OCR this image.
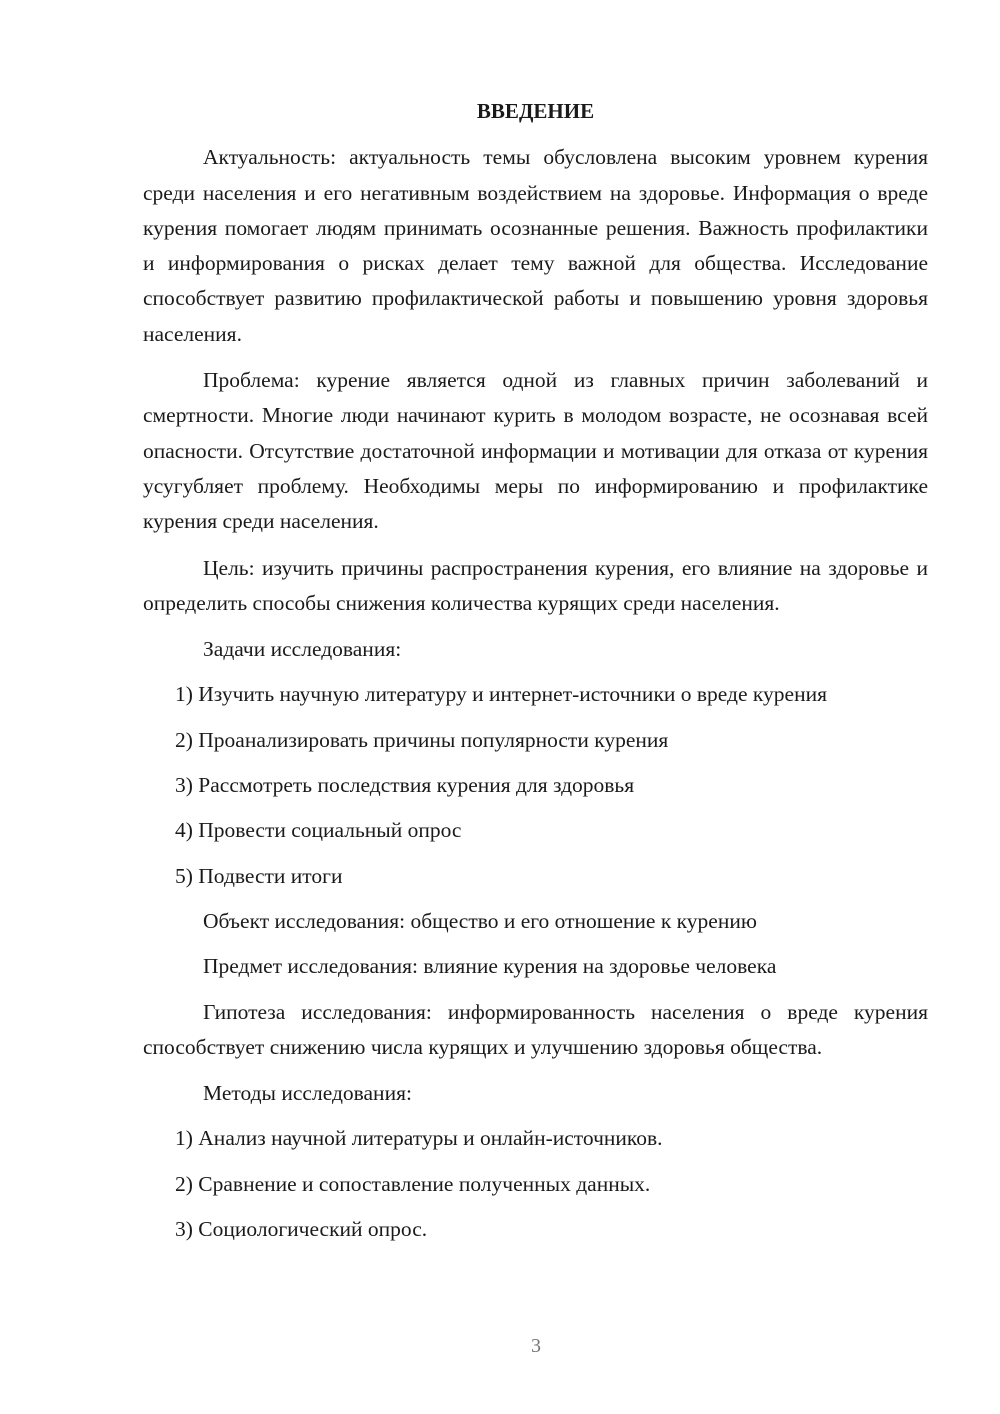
ВВЕДЕНИЕ

Актуальность: актуальность темы обусловлена высоким уровнем курения среди населения и его негативным воздействием на здоровье. Информация о вреде курения помогает людям принимать осознанные решения. Важность профилактики и информирования о рисках делает тему важной для общества. Исследование способствует развитию профилактической работы и повышению уровня здоровья населения.

Проблема: курение является одной из главных причин заболеваний и смертности. Многие люди начинают курить в молодом возрасте, не осознавая всей опасности. Отсутствие достаточной информации и мотивации для отказа от курения усугубляет проблему. Необходимы меры по информированию и профилактике курения среди населения.

Цель: изучить причины распространения курения, его влияние на здоровье и определить способы снижения количества курящих среди населения.

Задачи исследования:

1) Изучить научную литературу и интернет-источники о вреде курения
2) Проанализировать причины популярности курения
3) Рассмотреть последствия курения для здоровья
4) Провести социальный опрос
5) Подвести итоги

Объект исследования: общество и его отношение к курению

Предмет исследования: влияние курения на здоровье человека

Гипотеза исследования: информированность населения о вреде курения способствует снижению числа курящих и улучшению здоровья общества.

Методы исследования:

1) Анализ научной литературы и онлайн-источников.
2) Сравнение и сопоставление полученных данных.
3) Социологический опрос.
3
